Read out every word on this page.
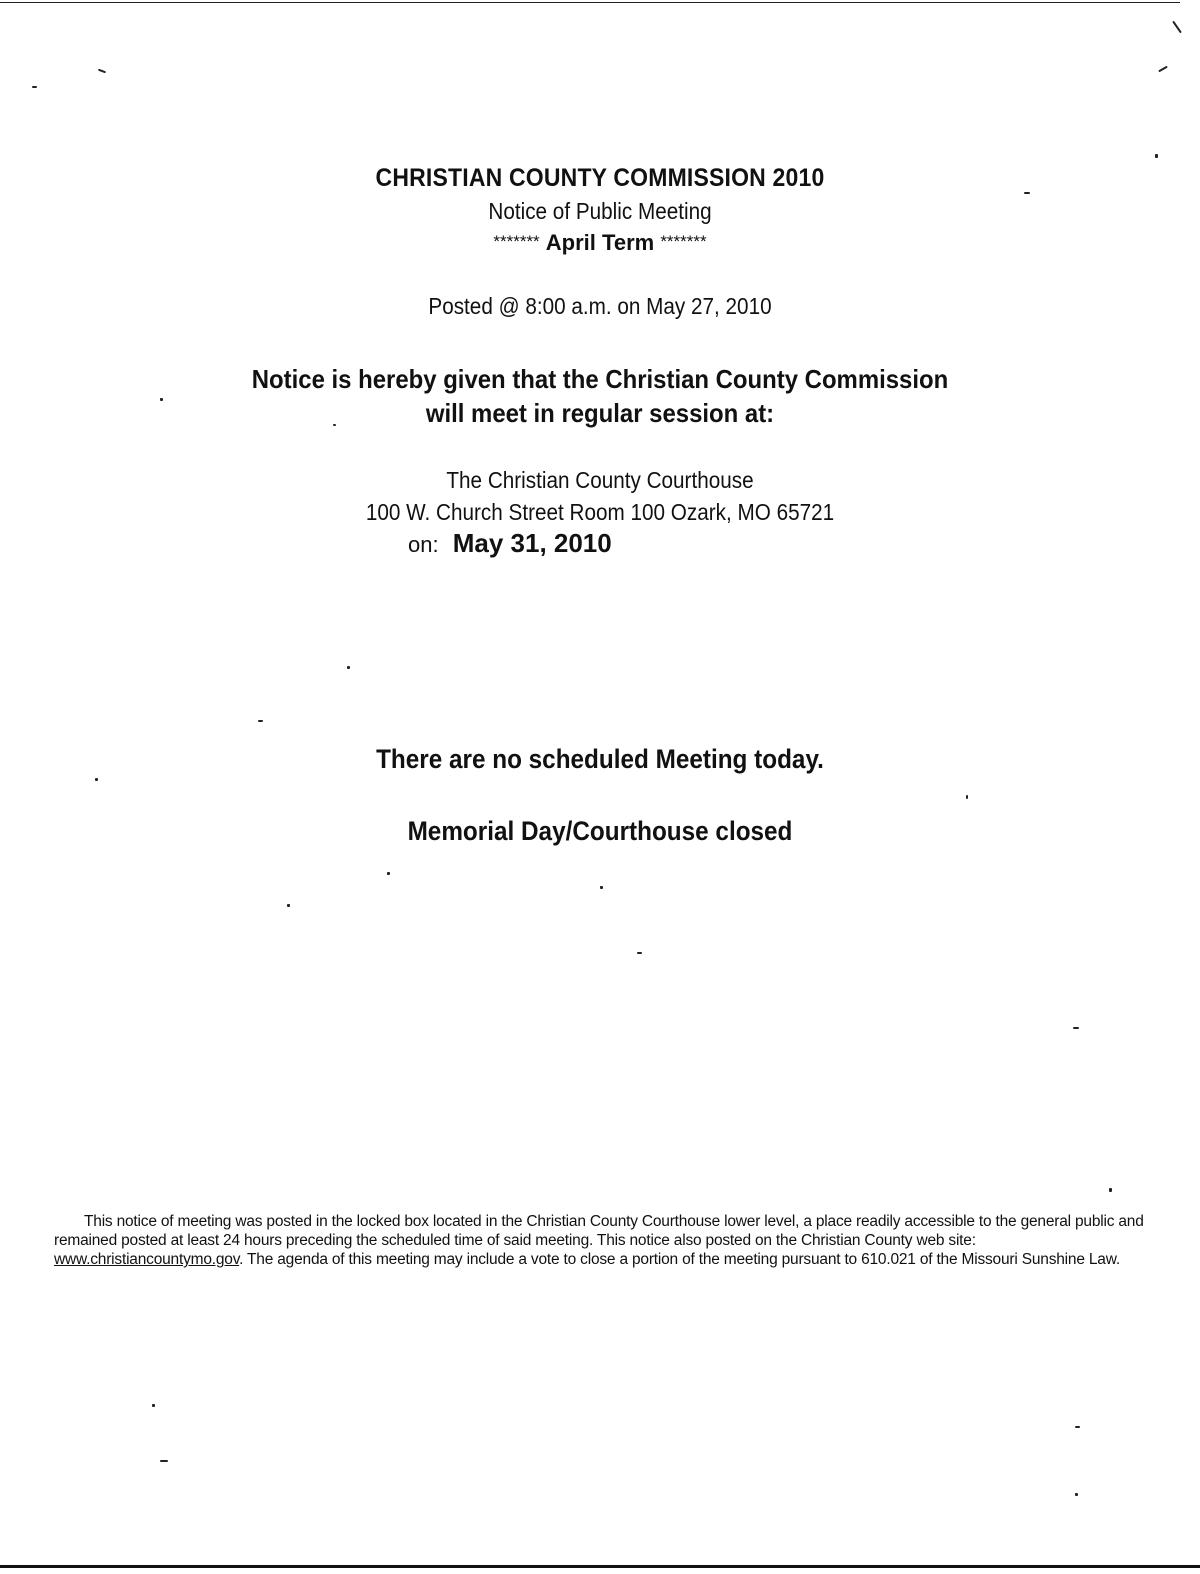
CHRISTIAN COUNTY COMMISSION 2010
Notice of Public Meeting
******* April Term *******
Posted @ 8:00 a.m. on May 27, 2010
Notice is hereby given that the Christian County Commission
will meet in regular session at:
The Christian County Courthouse
100 W. Church Street Room 100 Ozark, MO 65721
on: May 31, 2010
There are no scheduled Meeting today.
Memorial Day/Courthouse closed
This notice of meeting was posted in the locked box located in the Christian County Courthouse lower level, a place readily accessible to the general public and remained posted at least 24 hours preceding the scheduled time of said meeting. This notice also posted on the Christian County web site: www.christiancountymo.gov. The agenda of this meeting may include a vote to close a portion of the meeting pursuant to 610.021 of the Missouri Sunshine Law.
